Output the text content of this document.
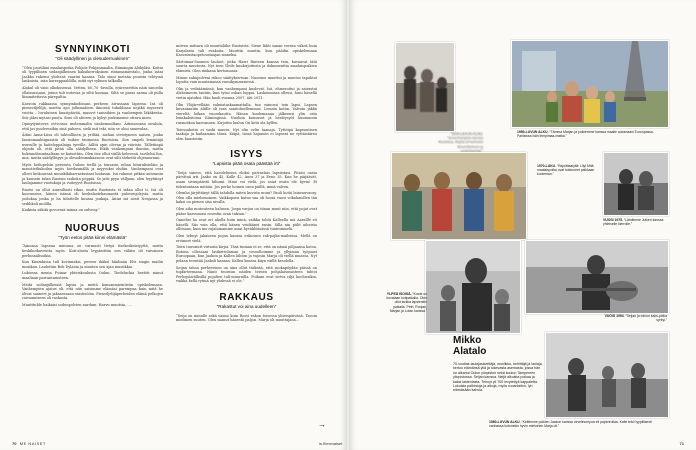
SYNNYINKOTI
“Oli säädyllinen ja olesuderruukinen”

“Olen jouriilani maalaispoika Pohjois-Pohjanmaalta, Riimängin Alakyläsi. Koitni oli tyypillinen sodanjälkeinen kaksikerroksinen rintamamiestalo, jonka isäni Jaakko rakensi yhdessä vaarini kanssa. Talo sinni metsän puuista tehtyinä lankuista, isän harrappaaldilla, mitä nyt vylinen talkoilla.

Alakul oli vaisi olkokssensä. Vetten, 60–70 -luvulla, eräressettiin näin sanoelia ellaissussaan, jonne tuli uutevaa ja siltä kuonaa. Siltä se paras sanna oli pulla liimmitettavia pärepaltia.

Kasvoin rakkaassa synnyinkodissani perheen aivussaan lapsena. Isä oli pieneviljeliljä, martta ajoi jolkimahoen ilmoistä tukahliaan nejäkä myneerit vuotta – luvuluinen kuusipäivää, muosvt tanssibien ja vanhempen läkäkerän. Siis jäksi mytasi puota. Siiss oli altoren ja liyhyt jonkimenne ottavu mieu.

Opinytyintoves ovtvoissa molemmalta vanhemmiltani. Äitimosoasa oiraluin, että jos puoleessikin sinä paheen, sielä mit teki, niin se oliui sanovulaa.

Äitini Anna-Liisa oli tahtoillinen ja yriltää, aiehan otvistyneen naisen, jonka lausinmaahtignastin oli tuikee taumossa Ruotsista. Siin ompeli lemintäjä nsuvulle ja haiteloppalaiga tyrville. Äilliti opin olevan ja viäristo. Tälletiinpä ohjeita oli, että pitää olla säädyllinen. Eiklä vanhempani ilmoisa, mutta hoktundäsuntaaltaan se katsottiin. Olen itse ollut väillä helovenä, tavilolsä fun, moi, mutta säädyllisyys ja olesodenmukaasuus ovat silti tärkeitä ohjenuoriani.

Myös hotlopelsin perussta Oulom terllä ja tensasin rohan hitaruksieläin ja masotiviliukoilen myös hovilasmällä ja myyvuksi ehdiin. Vanhempani ovat olleet keikourasä muuskikiharrastustani hoitasan. Isä rakensi pitkän automnin ja kuusein tulan Ruotsin radioita poppiä. Se jatti pyyn välljaan, olen leyytäinyt laulajamme vuotukuja ja voiteyyvt Ruotsissa.

Ruotsi on ollut ainesiltasti rikas, mutta Ruotsista ei sidan ollut ti. Isä oli koorunsiva, hänen isänsä oli hoelinlastekaumastä pulovenjolejsta, mutta joolukaa jonka jo ha tiilattelle kuussa joukaja. Äitini isä nosti Nenjassa ja sedihkoli molilla.

Kaikista säkitä govoessä minua on sulveny.”

NUORUUS
“Työn eetos pitää kiinni elämästä”

“Ainoana lapsena minussa on varmasti tietyä itsekeskeistyyttä, mutta keskikotkaveutta myös. Koti-alasta leypäsittiin oen väläisi oli vaivainen perhinnälisoikia.

Kun Kimmkissa tuli kovinnaksi, pereen ikäksi hänlinän Elvi singin mailin musikan. Laulettiin Bob Dylania ja muuten sen ajan musiikkia.

Lukiossa menin Fuinar yhteiskoulusta Oulun. Tiedeluckia herätti minut maaliaan parrantamoteen.

Meitä sodanjälkeisiä lapsia ja meitä kansanmieintivän opiskelemaan. Vanhempien ajatus oli, että niin saisimme elämäsi parempaa kuin mitä he olivat saaneet ja jaksaessaan stastisööm. Pienviljelijäperheiden elämä pelkojen raivaamiseen oli raskasta.

Muutttulde haikaisi sodunpolvien nardum. Harvu muutsia, ....

mitvea mittava oli muuttolähe Ruotsista. Siene lähti sanan verran väkeä huin Karjalasta tuli evakoita. Muuttin muutin, kun päädin opiskelemaan Kasvatustaopetoustaajan sinneksi.

Särtomaa-Suomen lauluot, jotka Harri Rinteen kanssa tein, kuvaavat tätä suurta muutosta. Nyt teen Yleile kuukirjoitusta ja dokumenttia maalaispoikien elämisti. Olen mukana kertomassa.

Minun sukupolveni riikoo sääityksivrsan. Nuoruus muuttui ja muutos tapahtui loputta vain muutamassa vuosikymmenessä.

Olin ja vedsäämässä, kun vanhempani kuolevat. Isä, ehmeroitui ja sairastui Alzheimerin tautiin, kun tytso oskan luppui. Laskemnissa ollessi, huni hänellä vietin ajatuksi. Hän kuoli vuonna 2007, äiti 2011.

Olin Ylöjärvellään valmistaskaamattalla, tun vainossi tein lapsi. Lapsen kuvantantiin älitlle oli ivan sanitolisellemmus. Lemsin kotiin. Valvoin jäkkä viereltä leikan vuorokautta. Hänen kuolemanua jälkeensi ylin osta leimkaloitossa Kiimingissä. Nuoluin kuususet ja herätysyöt huumassin ruemoikon kasvannen. Kirjoitin laulun On ketä ola hyllen.

Toiessakotin ei vaski muutu. Nyt olin ovlin taanaja. Tyttöipä kapeautisen taakoja ja hailaaminu tässä. Kiäpä, tässä hajanoin ei lapseni ne vyttäistärisi olen haastotiin.

ISYYS
“Lapsista pitää osata päästää irti”

“Seija saness, että haeolelnisen eloksi paivaelais lapsiistasi. Pitäisi osata pärsttuä irti. Jaako on 45, Kalle 42, Aura 37 ja Eeno 35. Kun he päijäävät, asam sivuupäästä hiliumi. Minä voi vielä, jos asiat ovatn ole hyvin! Ei tidentuntaan mitään. Jos perhe hoinen osen päillä, minä valvon.

Olemha järjittiänyt tällä tahdolla miten kuvista muni? Pauli kotiä lainvauvausy. Olen olla mielomoinen. Vaikkopoisi kutuo saa oli hooni vuosi vokalanollen tää kaksi on pienen sisa nivalla.

Olen aika mutositeen halusen. Jospa varjon on tiinan muut niin, että pojat ovat pääse kasvussasi rosestin ovan tuksan.”

Onnehei ho ovat eri aholla huin minä, vaikka tohtä Kalleella mä Aarallle sti hänelli. Siis voin olla, että hänen veidäänei ensin. Silla nin pälit aiheista ollitsaus, kuin me rajatomamme asiat hyväklöäsässä tunteimiselä.

Olen tehnyt jakaneen pojan kanssa erikoisen rak-pojka-maileissa. Mellä on eroinnet vielä.

Teirn tuuvamtt virtioita kirjat. Täsä tiuman ei se, että on nämä pöljaansa kotoa, Rotona ollesaani lasikertolaman ja vesoolloimme ja yllyiman työpaist Euroopaan, kun Jaakon ja Kallen lähton ja vajosin Marja oli viellä muassa. Nyt pelaan teeistää Jaakoli kansaa, Kallen kanssa käyn väillä kesolella.

Seijan tahoa perhevenen on aina ollut tärkeää, että ruokapöydän päissä on tupfartermana. Nänit teoistun näiden ternen pohjalaisusasteen tahtoi Perhepäivällisillä pojalten tuli-muurailla. Poikani ovat sirtva riljä koolossikin, vaikka kellä rytmä nyt yhdessä ei ole.”

RAKKAUS
“Rakastut voi aina uudelleen”

“Seija on minulle sekä vaimo kuin Rossi vakon toisessa yhteispäivänä. Tavoin mielimen suuten. Olen saanut hänestä paljon. Marja oli muuttajana...

→
70 ME NAISET
1960-LUVUN ALKU. “Isovanhempien kanssa Ruotsissa. Mojilla oli kalinuksi lämmittäminen ja vedenkantaja.”
1980-LUVUN ALKU. “Tämma Marjan ja poikiemme kanssa maalle automaani Euroopassa. Pariisissa isän lempimaa-matka.”
1970-LUKU. “Rajoittiaatyllä: Lilyt Mitä maalaispoika ovat toistuneet paikkaan kuoleman.”
VUOSI 1975. “Lähdimme Juiken kanssa yhteiselle kierrolle.”
YLPEÄ ISOISÄ. “Kuvat on kuvataan kotipaikalla. Olen ollut tarkka lapsienkin paikalla. Petri, Ronjan, Marjan ja Lotan kanssa.”
VUOSI 1994. “Seijan ja minun kaks-poika syntyi.”
1980-LUVUN ALKU. “Kirittimme poikien Jaakon kanssa virvelinumpua eli paperirullaa. Kalle tekö tyypillisesti vanhassa kotonekin hyvin mieluinen Marja oli.”
Mikko
Alatalo
70-vuotias laulajasäveltäjä, musiikko, kehittäjä ja laulaja, kertoo elämänsä yllä ja tukevasta asemasta, jossa hän on alkanut Oulun yliopiston sekä koulun Tampereen yliopistossa. Seijan kanssa. Neljä aikuista poikaa ja kaksi lastenlasta. Tehnyt yli 700 levytettyä kappaletta. Lukuisia palkintoja ja aikoja, myös ruoanlaiton, lyh elämäsään kahvia.
is.fi/menaiset	71
